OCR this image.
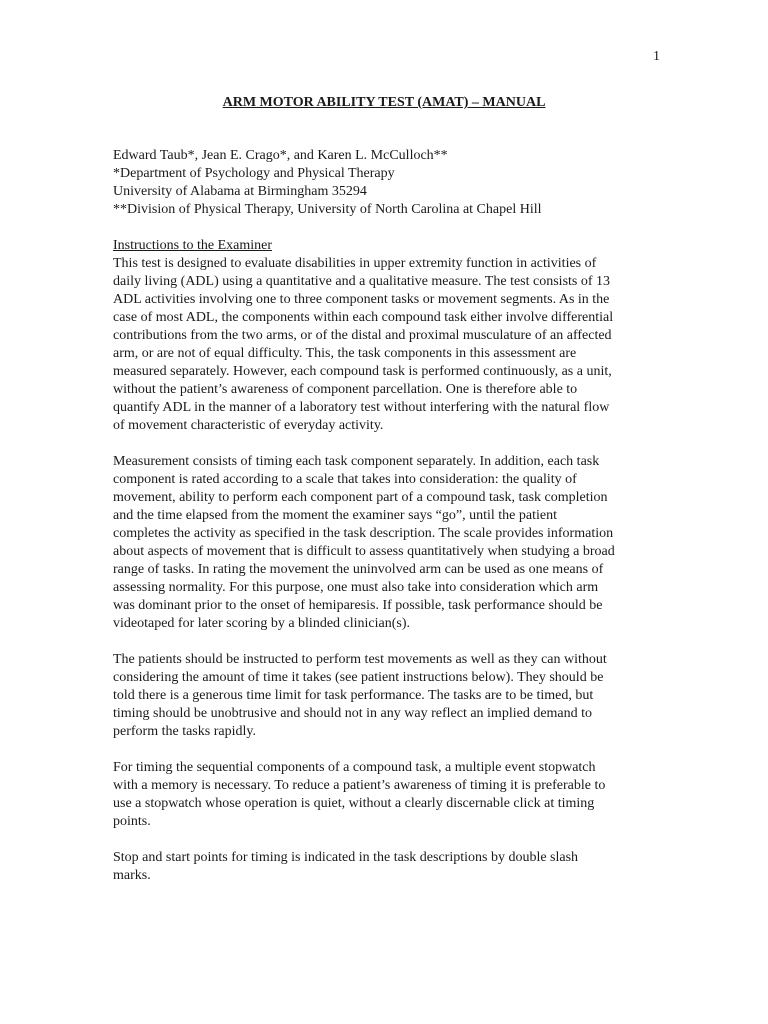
1
ARM MOTOR ABILITY TEST (AMAT) – MANUAL

Edward Taub*, Jean E. Crago*, and Karen L. McCulloch**

*Department of Psychology and Physical Therapy

University of Alabama at Birmingham 35294

**Division of Physical Therapy, University of North Carolina at Chapel Hill

Instructions to the Examiner
This test is designed to evaluate disabilities in upper extremity function in activities of
daily living (ADL) using a quantitative and a qualitative measure. The test consists of 13
ADL activities involving one to three component tasks or movement segments. As in the
case of most ADL, the components within each compound task either involve differential
contributions from the two arms, or of the distal and proximal musculature of an affected
arm, or are not of equal difficulty. This, the task components in this assessment are
measured separately. However, each compound task is performed continuously, as a unit,
without the patient’s awareness of component parcellation. One is therefore able to
quantify ADL in the manner of a laboratory test without interfering with the natural flow
of movement characteristic of everyday activity.
Measurement consists of timing each task component separately. In addition, each task
component is rated according to a scale that takes into consideration: the quality of
movement, ability to perform each component part of a compound task, task completion
and the time elapsed from the moment the examiner says “go”, until the patient
completes the activity as specified in the task description. The scale provides information
about aspects of movement that is difficult to assess quantitatively when studying a broad
range of tasks. In rating the movement the uninvolved arm can be used as one means of
assessing normality. For this purpose, one must also take into consideration which arm
was dominant prior to the onset of hemiparesis. If possible, task performance should be
videotaped for later scoring by a blinded clinician(s).
The patients should be instructed to perform test movements as well as they can without
considering the amount of time it takes (see patient instructions below). They should be
told there is a generous time limit for task performance. The tasks are to be timed, but
timing should be unobtrusive and should not in any way reflect an implied demand to
perform the tasks rapidly.
For timing the sequential components of a compound task, a multiple event stopwatch
with a memory is necessary. To reduce a patient’s awareness of timing it is preferable to
use a stopwatch whose operation is quiet, without a clearly discernable click at timing
points.
Stop and start points for timing is indicated in the task descriptions by double slash
marks.
